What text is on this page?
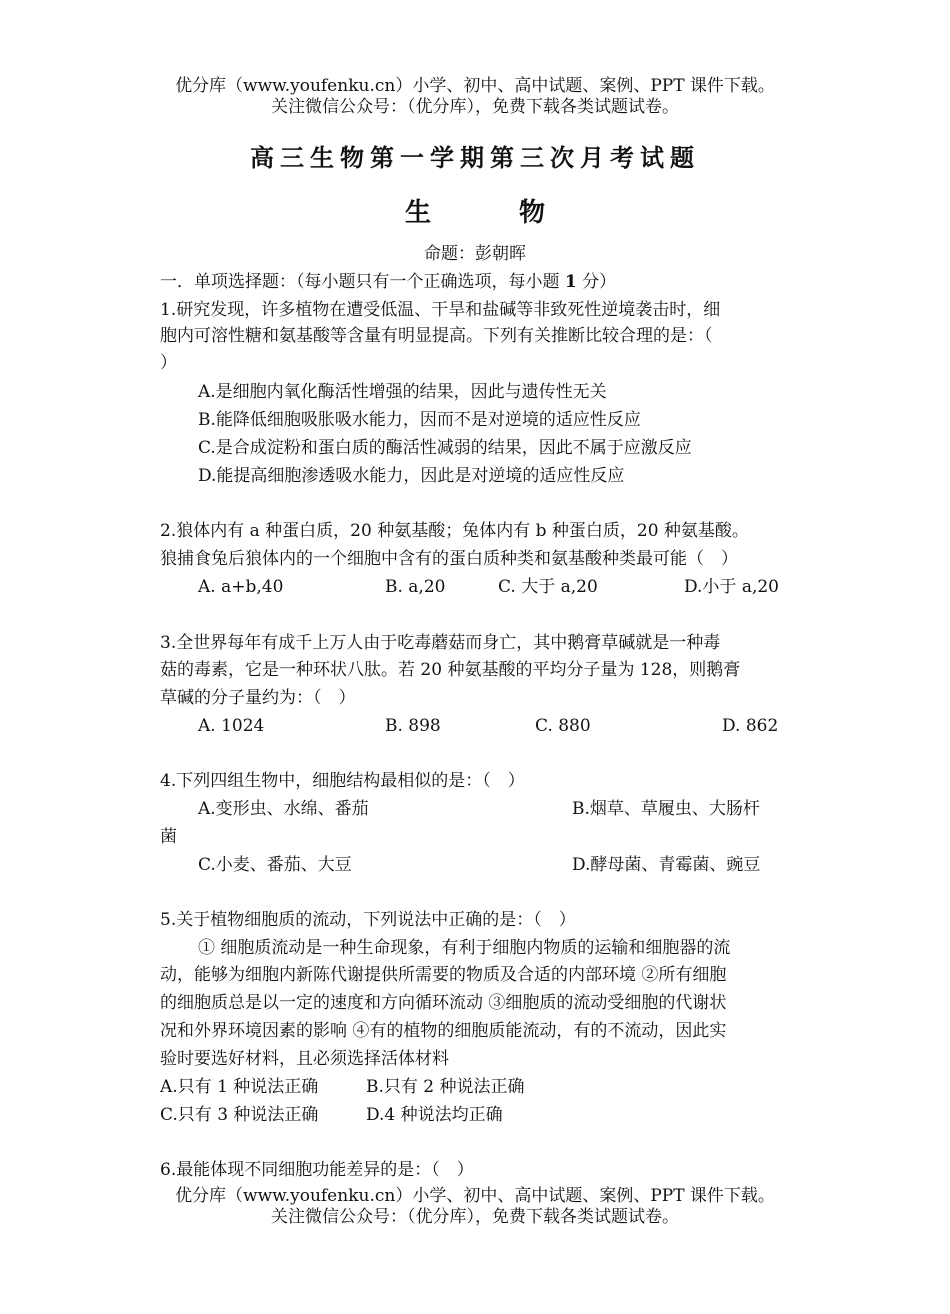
优分库（www.youfenku.cn）小学、初中、高中试题、案例、PPT 课件下载。
关注微信公众号：（优分库），免费下载各类试题试卷。
高三生物第一学期第三次月考试题
生	物
命题：彭朝晖
一．单项选择题：（每小题只有一个正确选项，每小题 1 分）
1.研究发现，许多植物在遭受低温、干旱和盐碱等非致死性逆境袭击时，细
胞内可溶性糖和氨基酸等含量有明显提高。下列有关推断比较合理的是：（
）
A.是细胞内氧化酶活性增强的结果，因此与遗传性无关
B.能降低细胞吸胀吸水能力，因而不是对逆境的适应性反应
C.是合成淀粉和蛋白质的酶活性减弱的结果，因此不属于应激反应
D.能提高细胞渗透吸水能力，因此是对逆境的适应性反应
2.狼体内有 a 种蛋白质，20 种氨基酸；兔体内有 b 种蛋白质，20 种氨基酸。
狼捕食兔后狼体内的一个细胞中含有的蛋白质种类和氨基酸种类最可能（　）
A. a+b,40	B. a,20	C. 大于 a,20	D.小于 a,20
3.全世界每年有成千上万人由于吃毒蘑菇而身亡，其中鹅膏草碱就是一种毒
菇的毒素，它是一种环状八肽。若 20 种氨基酸的平均分子量为 128，则鹅膏
草碱的分子量约为：（　）
A. 1024	B. 898	C. 880	D. 862
4.下列四组生物中，细胞结构最相似的是：（　）
A.变形虫、水绵、番茄	B.烟草、草履虫、大肠杆
菌
C.小麦、番茄、大豆	D.酵母菌、青霉菌、豌豆
5.关于植物细胞质的流动，下列说法中正确的是：（　）
① 细胞质流动是一种生命现象，有利于细胞内物质的运输和细胞器的流
动，能够为细胞内新陈代谢提供所需要的物质及合适的内部环境 ②所有细胞
的细胞质总是以一定的速度和方向循环流动 ③细胞质的流动受细胞的代谢状
况和外界环境因素的影响 ④有的植物的细胞质能流动，有的不流动，因此实
验时要选好材料，且必须选择活体材料
A.只有 1 种说法正确	B.只有 2 种说法正确
C.只有 3 种说法正确	D.4 种说法均正确
6.最能体现不同细胞功能差异的是：（　）
优分库（www.youfenku.cn）小学、初中、高中试题、案例、PPT 课件下载。
关注微信公众号：（优分库），免费下载各类试题试卷。
